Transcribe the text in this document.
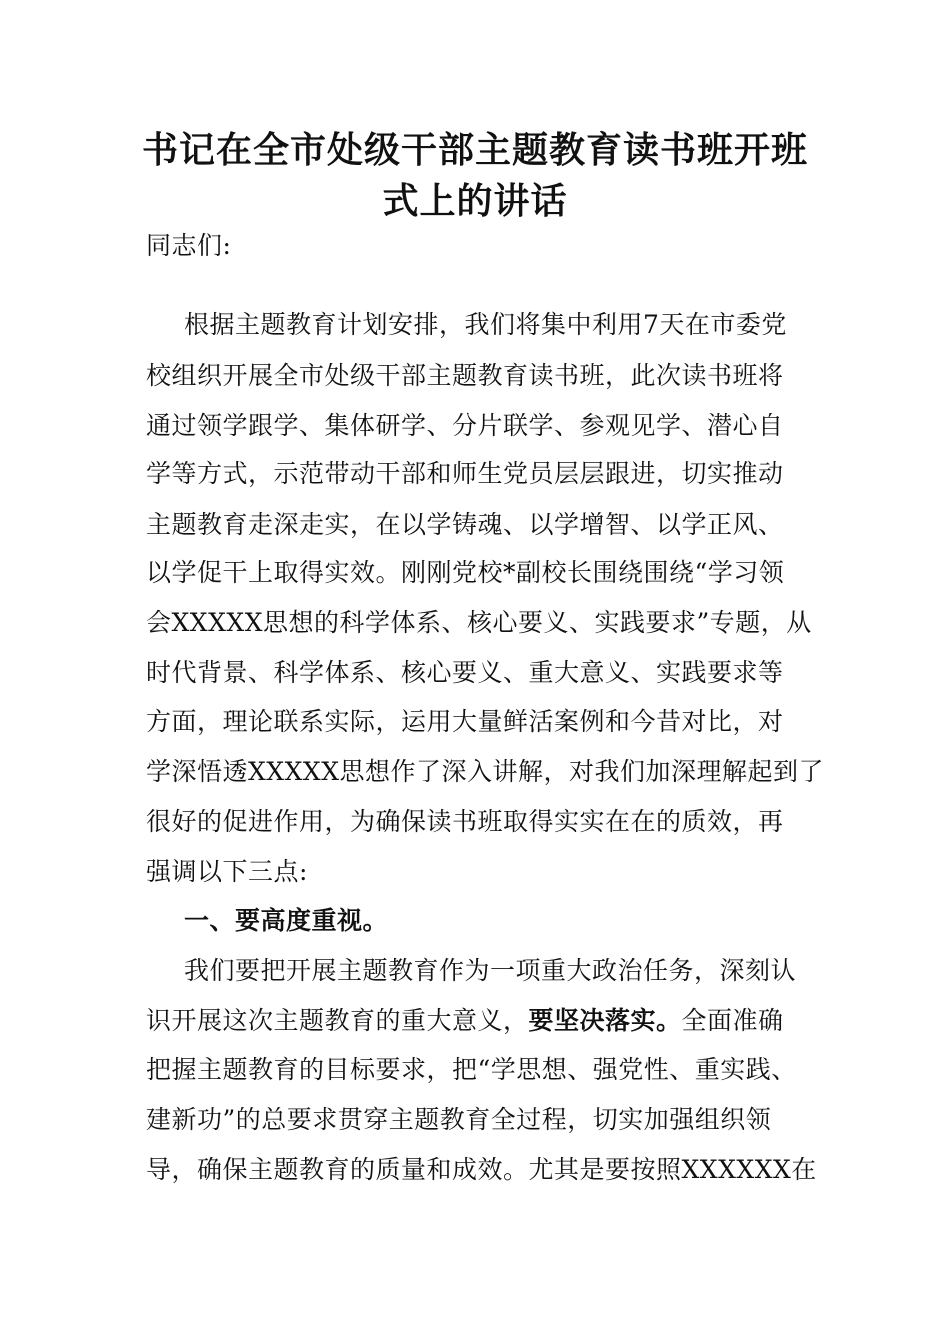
书记在全市处级干部主题教育读书班开班
式上的讲话

同志们:

根据主题教育计划安排，我们将集中利用7天在市委党

校组织开展全市处级干部主题教育读书班，此次读书班将

通过领学跟学、集体研学、分片联学、参观见学、潜心自

学等方式，示范带动干部和师生党员层层跟进，切实推动

主题教育走深走实，在以学铸魂、以学增智、以学正风、

以学促干上取得实效。刚刚党校*副校长围绕围绕“学习领

会XXXXX思想的科学体系、核心要义、实践要求”专题，从

时代背景、科学体系、核心要义、重大意义、实践要求等

方面，理论联系实际，运用大量鲜活案例和今昔对比，对

学深悟透XXXXX思想作了深入讲解，对我们加深理解起到了

很好的促进作用，为确保读书班取得实实在在的质效，再

强调以下三点:

一、要高度重视。

我们要把开展主题教育作为一项重大政治任务，深刻认

识开展这次主题教育的重大意义，要坚决落实。全面准确

把握主题教育的目标要求，把“学思想、强党性、重实践、

建新功”的总要求贯穿主题教育全过程，切实加强组织领

导，确保主题教育的质量和成效。尤其是要按照XXXXXX在
